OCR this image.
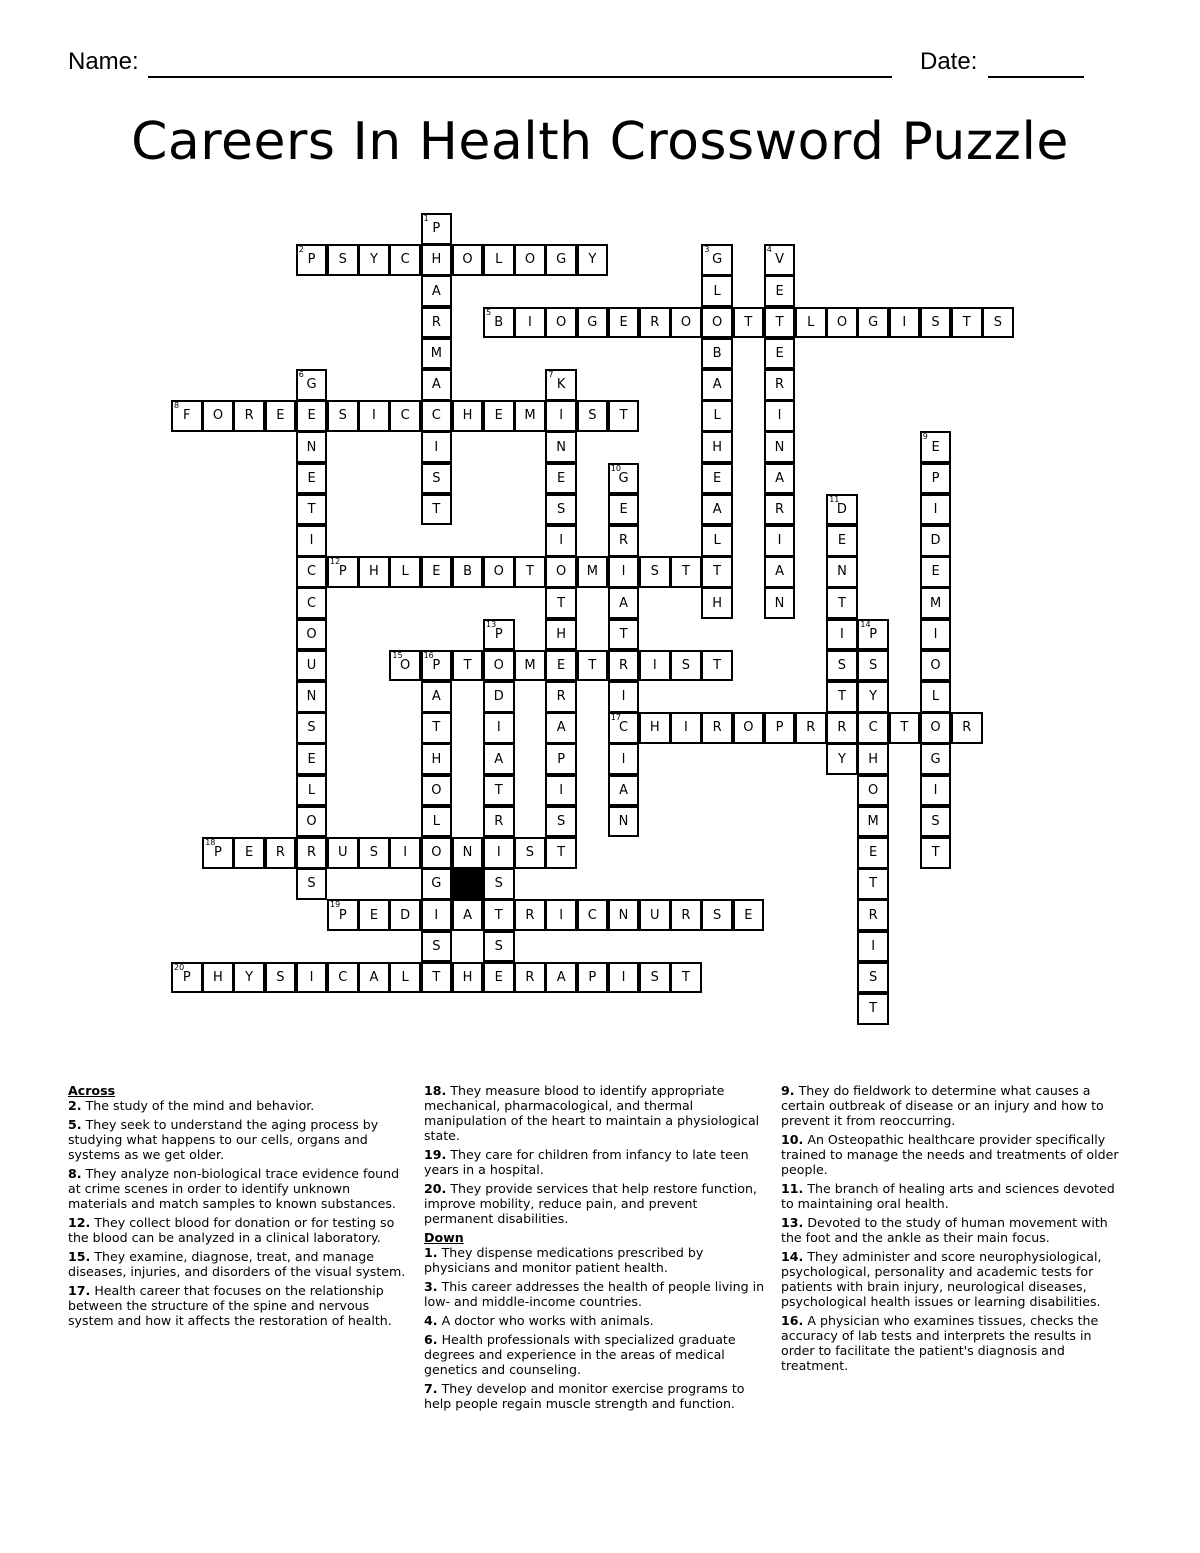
Name:	Date:
Careers In Health Crossword Puzzle
P
1
H
A
R
M
A
C
I
S
T
P
2
S Y C	O L O G Y	G
3
L
O
B
A
L
H
E
A
L
T
H
V
4
E
T
E
R
I
N
A
R
I
A
N
B
5
I O G E R O	T	L O G I S T S
G
6
E
N
E
T
I
C
C
O
U
N
S
E
L
O
R
S
K
7
I
N
E
S
I
O
T
H
E
R
A
P
I
S
T
F
8
O R E	S I C	H E M	S T
E
9
P
I
D
E
M
I
O
L
O
G
I
S
T
G
10
E
R
I
A
T
R
I
C
17
I
A
N
D
11
E
N
T
I
S
T
R
Y
P
12
H L E B O T	M	S T
P
13
O
D
I
A
T
R
I
S
T
S
P
14
S
Y
C
H
O
M
E
T
R
I
S
T
O
15
P
16
T	M	T	I S T
A
T
H
O
L
O
G
I
S
H I R O P R	T	R
P
18
E R	U S I	N	S
P
19
E D	A	R I C N U R S E
P
20
H Y S I C A L T H E R A P I S T
Across
2. The study of the mind and behavior.
5. They seek to understand the aging process by studying what happens to our cells, organs and systems as we get older.
8. They analyze non-biological trace evidence found at crime scenes in order to identify unknown materials and match samples to known substances.
12. They collect blood for donation or for testing so the blood can be analyzed in a clinical laboratory.
15. They examine, diagnose, treat, and manage diseases, injuries, and disorders of the visual system.
17. Health career that focuses on the relationship between the structure of the spine and nervous system and how it affects the restoration of health.
18. They measure blood to identify appropriate mechanical, pharmacological, and thermal manipulation of the heart to maintain a physiological state.
19. They care for children from infancy to late teen years in a hospital.
20. They provide services that help restore function, improve mobility, reduce pain, and prevent permanent disabilities.
Down
1. They dispense medications prescribed by physicians and monitor patient health.
3. This career addresses the health of people living in low- and middle-income countries.
4. A doctor who works with animals.
6. Health professionals with specialized graduate degrees and experience in the areas of medical genetics and counseling.
7. They develop and monitor exercise programs to help people regain muscle strength and function.
9. They do fieldwork to determine what causes a certain outbreak of disease or an injury and how to prevent it from reoccurring.
10. An Osteopathic healthcare provider specifically trained to manage the needs and treatments of older people.
11. The branch of healing arts and sciences devoted to maintaining oral health.
13. Devoted to the study of human movement with the foot and the ankle as their main focus.
14. They administer and score neurophysiological, psychological, personality and academic tests for patients with brain injury, neurological diseases, psychological health issues or learning disabilities.
16. A physician who examines tissues, checks the accuracy of lab tests and interprets the results in order to facilitate the patient's diagnosis and treatment.
